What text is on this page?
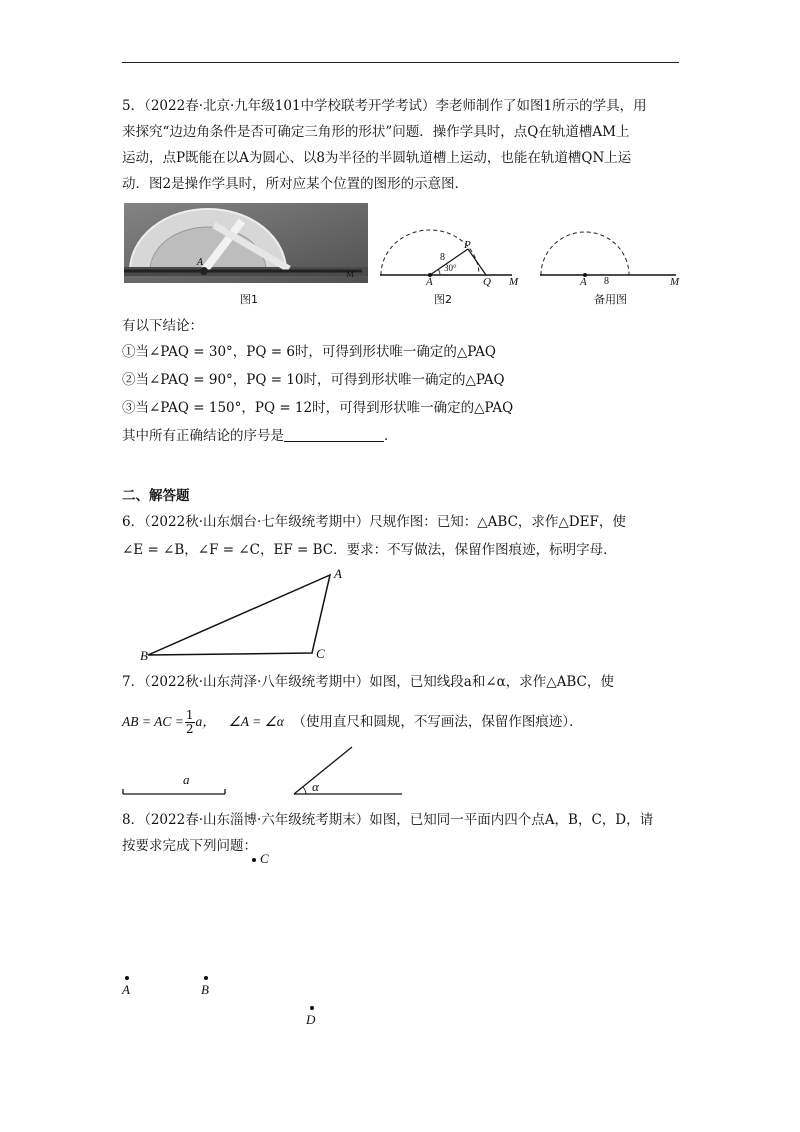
5．（2022春·北京·九年级101中学校联考开学考试）李老师制作了如图1所示的学具，用
来探究“边边角条件是否可确定三角形的形状”问题．操作学具时，点Q在轨道槽AM上
运动，点P既能在以A为圆心、以8为半径的半圆轨道槽上运动，也能在轨道槽QN上运
动．图2是操作学具时，所对应某个位置的图形的示意图．
A
M
图1
P
8
30°
A	Q M
图2
A 8	M
备用图
有以下结论：
①当∠PAQ = 30°，PQ = 6时，可得到形状唯一确定的△PAQ
②当∠PAQ = 90°，PQ = 10时，可得到形状唯一确定的△PAQ
③当∠PAQ = 150°，PQ = 12时，可得到形状唯一确定的△PAQ
其中所有正确结论的序号是	．
二、解答题
6．（2022秋·山东烟台·七年级统考期中）尺规作图：已知：△ABC，求作△DEF，使
∠E = ∠B，∠F = ∠C，EF = BC．要求：不写做法，保留作图痕迹，标明字母．
A
B	C
7．（2022秋·山东菏泽·八年级统考期中）如图，已知线段a和∠α，求作△ABC，使
AB = AC = $\frac{1}{2}$ a， ∠A = ∠α （使用直尺和圆规，不写画法，保留作图痕迹）．
a	α
8．（2022春·山东淄博·六年级统考期末）如图，已知同一平面内四个点A，B，C，D，请
按要求完成下列问题：
C
A	B
D
